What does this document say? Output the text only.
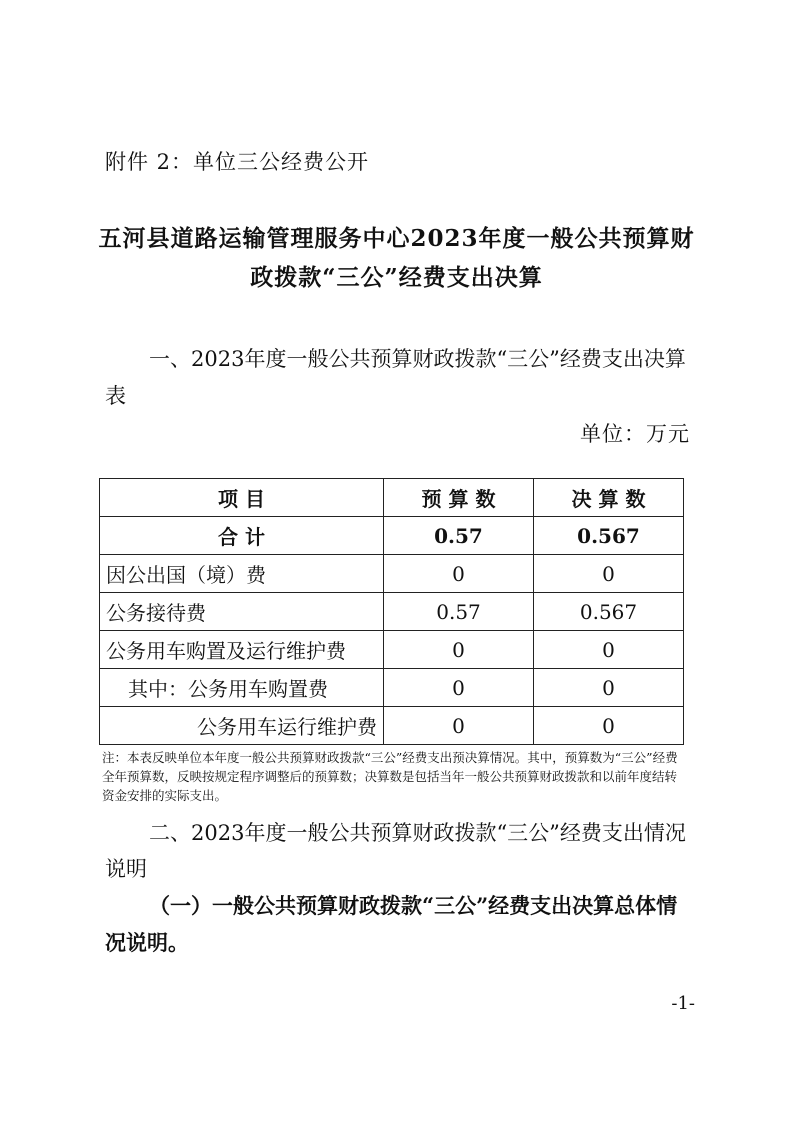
附件 2：单位三公经费公开
五河县道路运输管理服务中心2023年度一般公共预算财
政拨款“三公”经费支出决算
一、2023年度一般公共预算财政拨款“三公”经费支出决算
表
单位：万元
项 目	预 算 数	决 算 数
合 计	0.57	0.567
因公出国（境）费	0	0
公务接待费	0.57	0.567
公务用车购置及运行维护费	0	0
其中：公务用车购置费	0	0
公务用车运行维护费	0	0
注：本表反映单位本年度一般公共预算财政拨款“三公”经费支出预决算情况。其中，预算数为“三公”经费全年预算数，反映按规定程序调整后的预算数；决算数是包括当年一般公共预算财政拨款和以前年度结转资金安排的实际支出。
二、2023年度一般公共预算财政拨款“三公”经费支出情况
说明
（一）一般公共预算财政拨款“三公”经费支出决算总体情
况说明。
-1-
